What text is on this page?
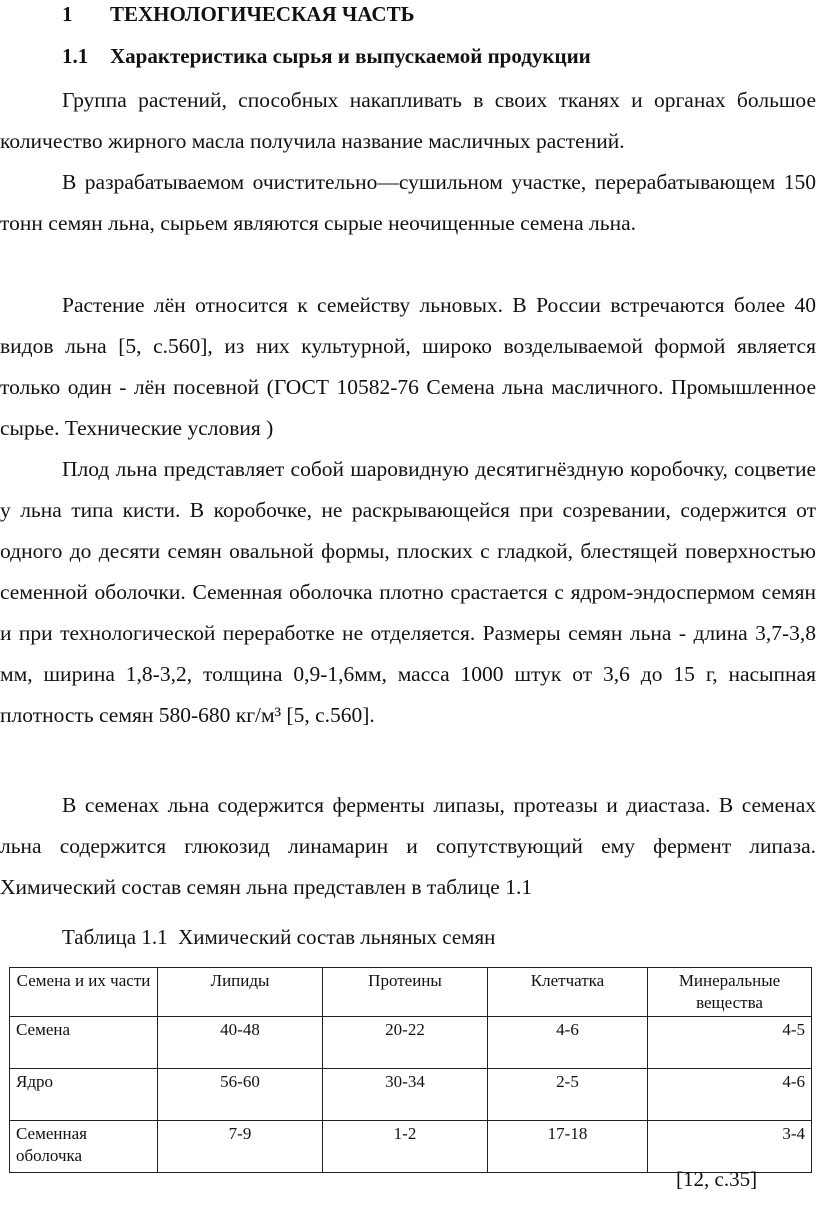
1 ТЕХНОЛОГИЧЕСКАЯ ЧАСТЬ
1.1 Характеристика сырья и выпускаемой продукции

Группа растений, способных накапливать в своих тканях и органах большое количество жирного масла получила название масличных растений.

В разрабатываемом очистительно—сушильном участке, перерабатывающем 150 тонн семян льна, сырьем являются сырые неочищенные семена льна.

Растение лён относится к семейству льновых. В России встречаются более 40 видов льна [5, с.560], из них культурной, широко возделываемой формой является только один - лён посевной (ГОСТ 10582-76 Семена льна масличного. Промышленное сырье. Технические условия )

Плод льна представляет собой шаровидную десятигнёздную коробочку, соцветие у льна типа кисти. В коробочке, не раскрывающейся при созревании, содержится от одного до десяти семян овальной формы, плоских с гладкой, блестящей поверхностью семенной оболочки. Семенная оболочка плотно срастается с ядром-эндоспермом семян и при технологической переработке не отделяется. Размеры семян льна - длина 3,7-3,8 мм, ширина 1,8-3,2, толщина 0,9-1,6мм, масса 1000 штук от 3,6 до 15 г, насыпная плотность семян 580-680 кг/м³ [5, с.560].

В семенах льна содержится ферменты липазы, протеазы и диастаза. В семенах льна содержится глюкозид линамарин и сопутствующий ему фермент липаза. Химический состав семян льна представлен в таблице 1.1

Таблица 1.1  Химический состав льняных семян
Семена и их части	Липиды	Протеины	Клетчатка	Минеральные вещества
Семена	40-48	20-22	4-6	4-5
Ядро	56-60	30-34	2-5	4-6
Семенная оболочка	7-9	1-2	17-18	3-4
[12, с.35]
